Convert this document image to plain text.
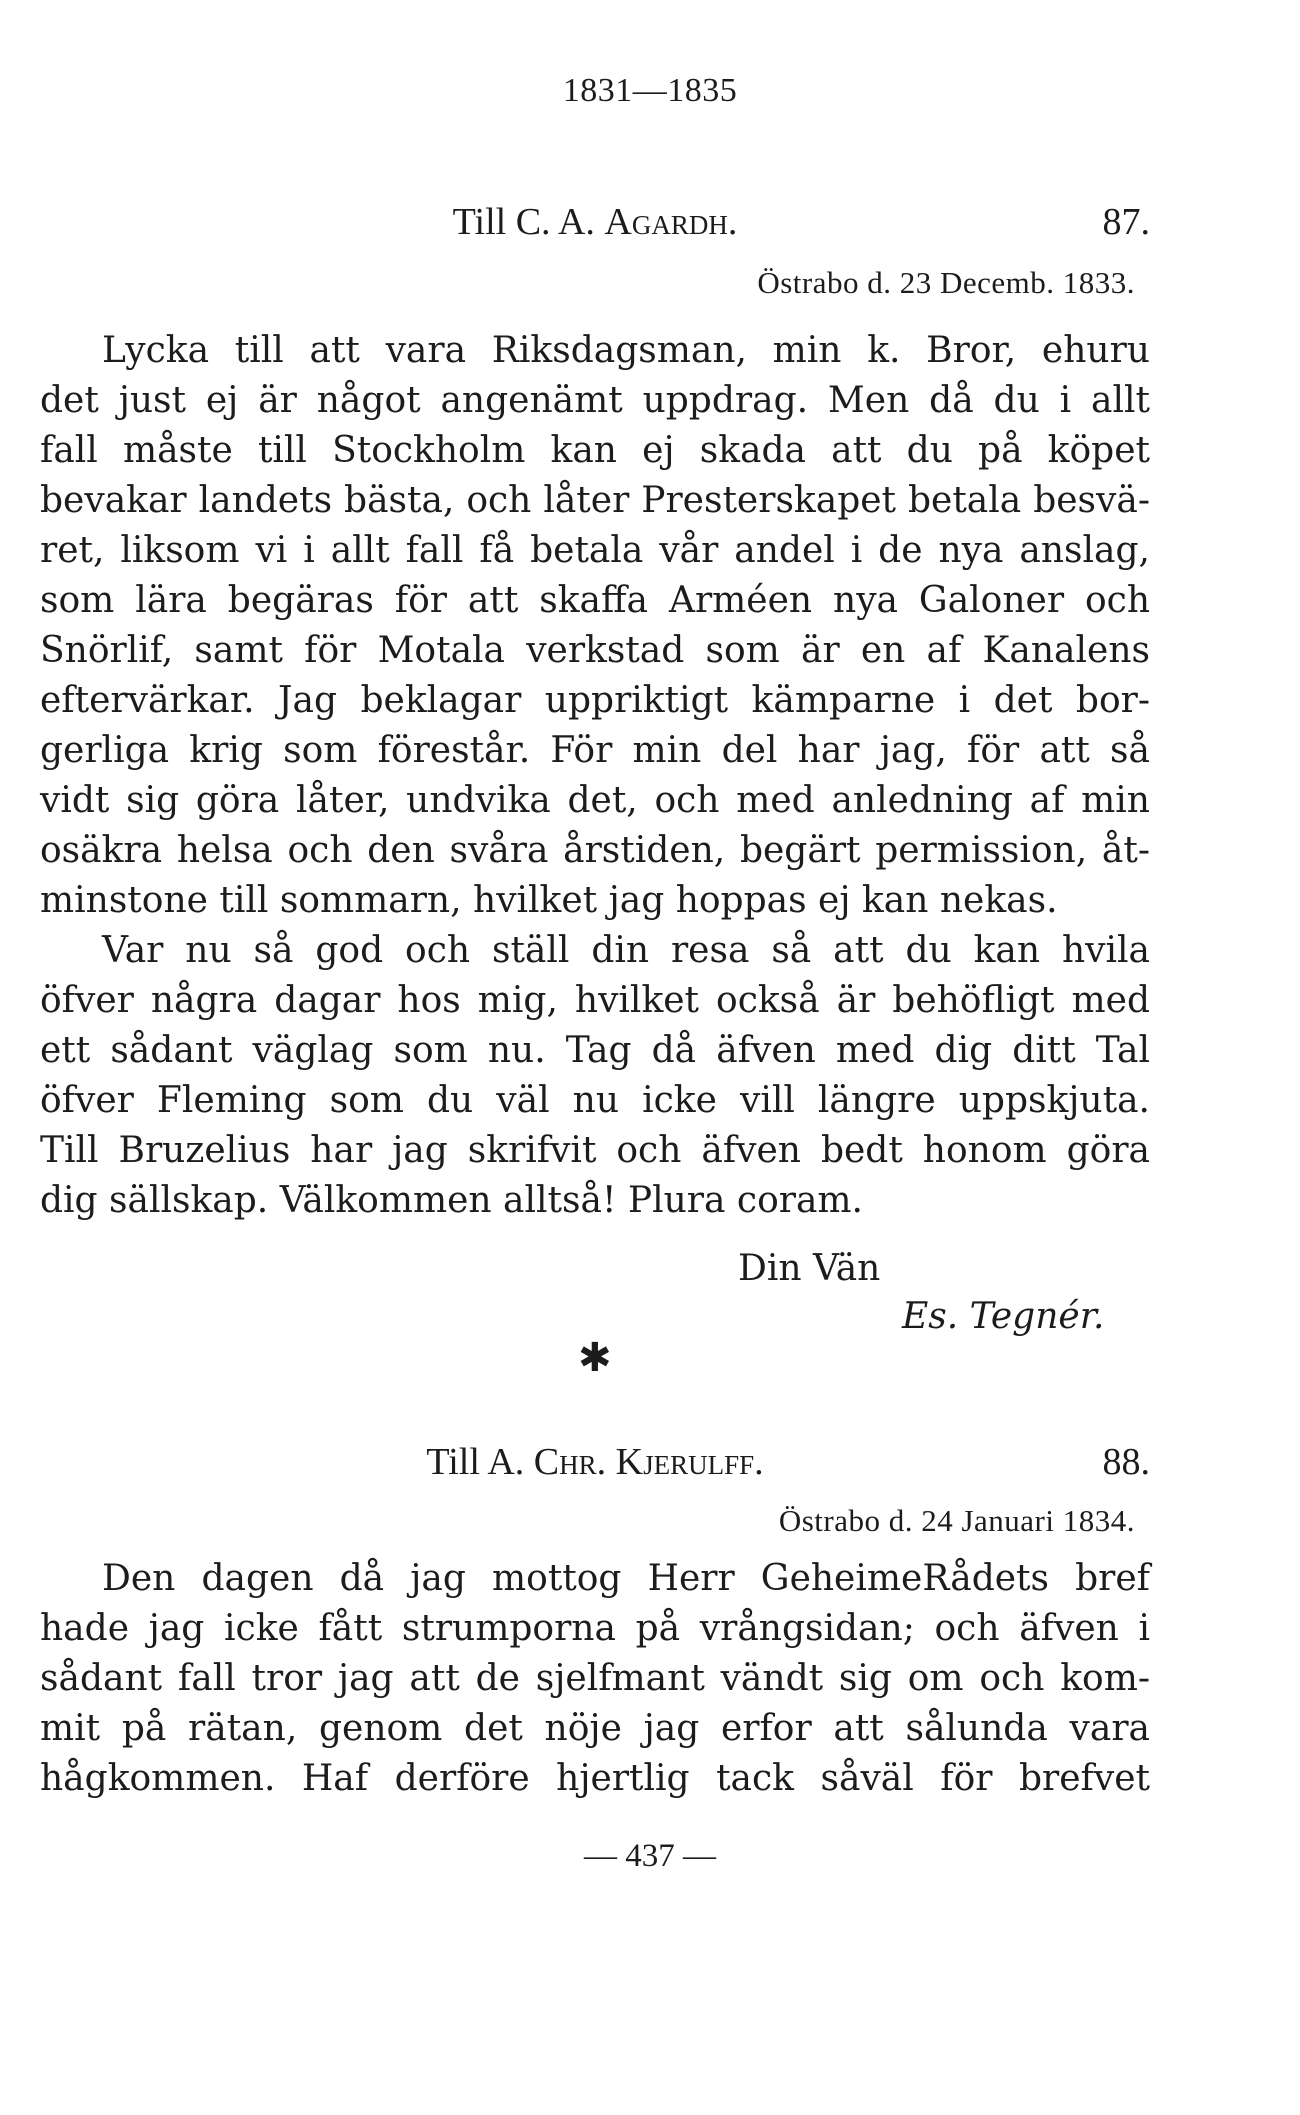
1831—1835
Till C. A. Agardh.	87.
Östrabo d. 23 Decemb. 1833.
Lycka till att vara Riksdagsman, min k. Bror, ehuru
det just ej är något angenämt uppdrag. Men då du i allt
fall måste till Stockholm kan ej skada att du på köpet
bevakar landets bästa, och låter Presterskapet betala besvä-
ret, liksom vi i allt fall få betala vår andel i de nya anslag,
som lära begäras för att skaffa Arméen nya Galoner och
Snörlif, samt för Motala verkstad som är en af Kanalens
eftervärkar. Jag beklagar uppriktigt kämparne i det bor-
gerliga krig som förestår. För min del har jag, för att så
vidt sig göra låter, undvika det, och med anledning af min
osäkra helsa och den svåra årstiden, begärt permission, åt-
minstone till sommarn, hvilket jag hoppas ej kan nekas.
Var nu så god och ställ din resa så att du kan hvila
öfver några dagar hos mig, hvilket också är behöfligt med
ett sådant väglag som nu. Tag då äfven med dig ditt Tal
öfver Fleming som du väl nu icke vill längre uppskjuta.
Till Bruzelius har jag skrifvit och äfven bedt honom göra
dig sällskap. Välkommen alltså! Plura coram.
Din Vän
Es. Tegnér.
✱
Till A. Chr. Kjerulff.	88.
Östrabo d. 24 Januari 1834.
Den dagen då jag mottog Herr GeheimeRådets bref
hade jag icke fått strumporna på vrångsidan; och äfven i
sådant fall tror jag att de sjelfmant vändt sig om och kom-
mit på rätan, genom det nöje jag erfor att sålunda vara
hågkommen. Haf derföre hjertlig tack såväl för brefvet
— 437 —
